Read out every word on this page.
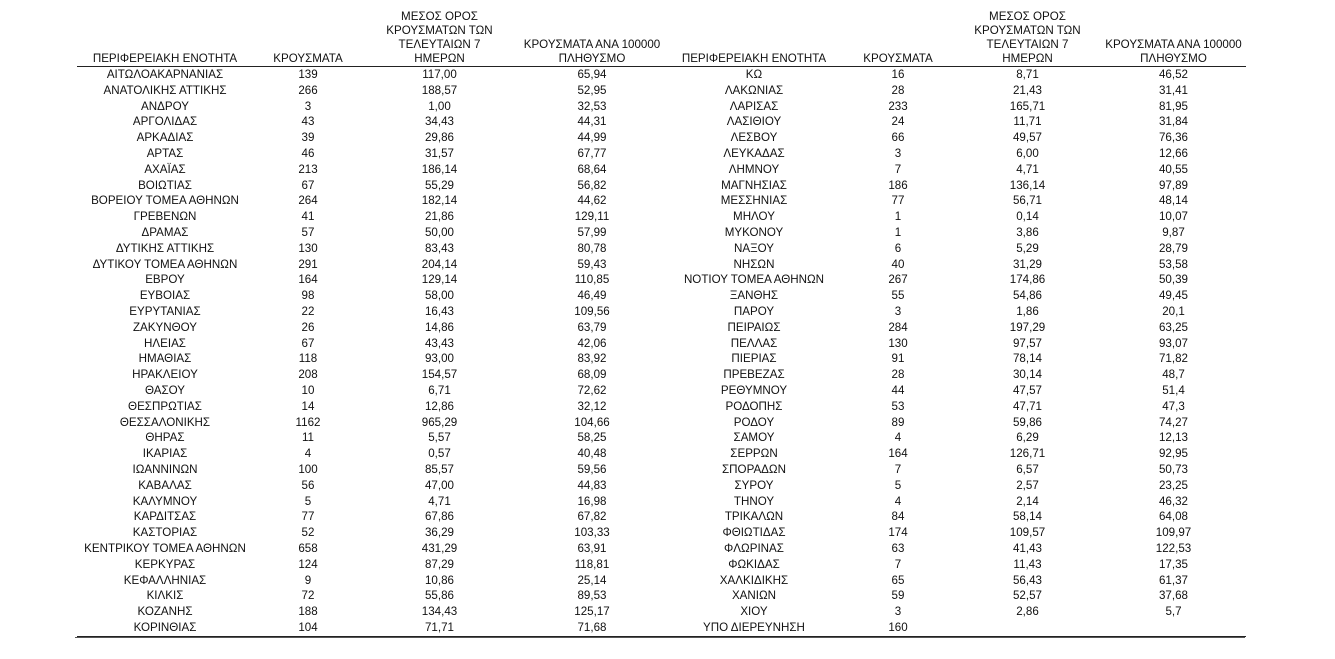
ΠΕΡΙΦΕΡΕΙΑΚΗ ΕΝΟΤΗΤΑ	ΚΡΟΥΣΜΑΤΑ	ΜΕΣΟΣ ΟΡΟΣ ΚΡΟΥΣΜΑΤΩΝ ΤΩΝ ΤΕΛΕΥΤΑΙΩΝ 7 ΗΜΕΡΩΝ	ΚΡΟΥΣΜΑΤΑ ΑΝΑ 100000 ΠΛΗΘΥΣΜΟ
ΑΙΤΩΛΟΑΚΑΡΝΑΝΙΑΣ	139	117,00	65,94
ΑΝΑΤΟΛΙΚΗΣ ΑΤΤΙΚΗΣ	266	188,57	52,95
ΑΝΔΡΟΥ	3	1,00	32,53
ΑΡΓΟΛΙΔΑΣ	43	34,43	44,31
ΑΡΚΑΔΙΑΣ	39	29,86	44,99
ΑΡΤΑΣ	46	31,57	67,77
ΑΧΑΪΑΣ	213	186,14	68,64
ΒΟΙΩΤΙΑΣ	67	55,29	56,82
ΒΟΡΕΙΟΥ ΤΟΜΕΑ ΑΘΗΝΩΝ	264	182,14	44,62
ΓΡΕΒΕΝΩΝ	41	21,86	129,11
ΔΡΑΜΑΣ	57	50,00	57,99
ΔΥΤΙΚΗΣ ΑΤΤΙΚΗΣ	130	83,43	80,78
ΔΥΤΙΚΟΥ ΤΟΜΕΑ ΑΘΗΝΩΝ	291	204,14	59,43
ΕΒΡΟΥ	164	129,14	110,85
ΕΥΒΟΙΑΣ	98	58,00	46,49
ΕΥΡΥΤΑΝΙΑΣ	22	16,43	109,56
ΖΑΚΥΝΘΟΥ	26	14,86	63,79
ΗΛΕΙΑΣ	67	43,43	42,06
ΗΜΑΘΙΑΣ	118	93,00	83,92
ΗΡΑΚΛΕΙΟΥ	208	154,57	68,09
ΘΑΣΟΥ	10	6,71	72,62
ΘΕΣΠΡΩΤΙΑΣ	14	12,86	32,12
ΘΕΣΣΑΛΟΝΙΚΗΣ	1162	965,29	104,66
ΘΗΡΑΣ	11	5,57	58,25
ΙΚΑΡΙΑΣ	4	0,57	40,48
ΙΩΑΝΝΙΝΩΝ	100	85,57	59,56
ΚΑΒΑΛΑΣ	56	47,00	44,83
ΚΑΛΥΜΝΟΥ	5	4,71	16,98
ΚΑΡΔΙΤΣΑΣ	77	67,86	67,82
ΚΑΣΤΟΡΙΑΣ	52	36,29	103,33
ΚΕΝΤΡΙΚΟΥ ΤΟΜΕΑ ΑΘΗΝΩΝ	658	431,29	63,91
ΚΕΡΚΥΡΑΣ	124	87,29	118,81
ΚΕΦΑΛΛΗΝΙΑΣ	9	10,86	25,14
ΚΙΛΚΙΣ	72	55,86	89,53
ΚΟΖΑΝΗΣ	188	134,43	125,17
ΚΟΡΙΝΘΙΑΣ	104	71,71	71,68
ΠΕΡΙΦΕΡΕΙΑΚΗ ΕΝΟΤΗΤΑ	ΚΡΟΥΣΜΑΤΑ	ΜΕΣΟΣ ΟΡΟΣ ΚΡΟΥΣΜΑΤΩΝ ΤΩΝ ΤΕΛΕΥΤΑΙΩΝ 7 ΗΜΕΡΩΝ	ΚΡΟΥΣΜΑΤΑ ΑΝΑ 100000 ΠΛΗΘΥΣΜΟ
ΚΩ	16	8,71	46,52
ΛΑΚΩΝΙΑΣ	28	21,43	31,41
ΛΑΡΙΣΑΣ	233	165,71	81,95
ΛΑΣΙΘΙΟΥ	24	11,71	31,84
ΛΕΣΒΟΥ	66	49,57	76,36
ΛΕΥΚΑΔΑΣ	3	6,00	12,66
ΛΗΜΝΟΥ	7	4,71	40,55
ΜΑΓΝΗΣΙΑΣ	186	136,14	97,89
ΜΕΣΣΗΝΙΑΣ	77	56,71	48,14
ΜΗΛΟΥ	1	0,14	10,07
ΜΥΚΟΝΟΥ	1	3,86	9,87
ΝΑΞΟΥ	6	5,29	28,79
ΝΗΣΩΝ	40	31,29	53,58
ΝΟΤΙΟΥ ΤΟΜΕΑ ΑΘΗΝΩΝ	267	174,86	50,39
ΞΑΝΘΗΣ	55	54,86	49,45
ΠΑΡΟΥ	3	1,86	20,1
ΠΕΙΡΑΙΩΣ	284	197,29	63,25
ΠΕΛΛΑΣ	130	97,57	93,07
ΠΙΕΡΙΑΣ	91	78,14	71,82
ΠΡΕΒΕΖΑΣ	28	30,14	48,7
ΡΕΘΥΜΝΟΥ	44	47,57	51,4
ΡΟΔΟΠΗΣ	53	47,71	47,3
ΡΟΔΟΥ	89	59,86	74,27
ΣΑΜΟΥ	4	6,29	12,13
ΣΕΡΡΩΝ	164	126,71	92,95
ΣΠΟΡΑΔΩΝ	7	6,57	50,73
ΣΥΡΟΥ	5	2,57	23,25
ΤΗΝΟΥ	4	2,14	46,32
ΤΡΙΚΑΛΩΝ	84	58,14	64,08
ΦΘΙΩΤΙΔΑΣ	174	109,57	109,97
ΦΛΩΡΙΝΑΣ	63	41,43	122,53
ΦΩΚΙΔΑΣ	7	11,43	17,35
ΧΑΛΚΙΔΙΚΗΣ	65	56,43	61,37
ΧΑΝΙΩΝ	59	52,57	37,68
ΧΙΟΥ	3	2,86	5,7
ΥΠΟ ΔΙΕΡΕΥΝΗΣΗ	160		
